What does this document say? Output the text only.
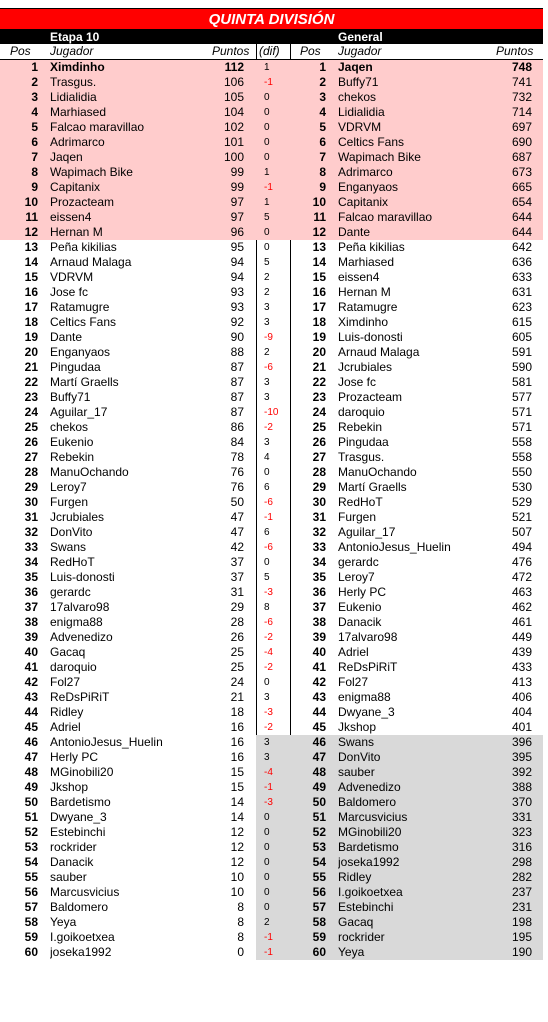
QUINTA DIVISIÓN
Etapa 10	General
Pos Jugador	Puntos (dif) Pos Jugador	Puntos
1 Ximdinho	112	1	1 Jaqen	748
2 Trasgus.	106	-1	2 Buffy71	741
3 Lidialidia	105	0	3 chekos	732
4 Marhiased	104	0	4 Lidialidia	714
5 Falcao maravillao	102	0	5 VDRVM	697
6 Adrimarco	101	0	6 Celtics Fans	690
7 Jaqen	100	0	7 Wapimach Bike	687
8 Wapimach Bike	99	1	8 Adrimarco	673
9 Capitanix	99	-1	9 Enganyaos	665
10 Prozacteam	97	1	10 Capitanix	654
11 eissen4	97	5	11 Falcao maravillao	644
12 Hernan M	96	0	12 Dante	644
13 Peña kikilias	95	0	13 Peña kikilias	642
14 Arnaud Malaga	94	5	14 Marhiased	636
15 VDRVM	94	2	15 eissen4	633
16 Jose fc	93	2	16 Hernan M	631
17 Ratamugre	93	3	17 Ratamugre	623
18 Celtics Fans	92	3	18 Ximdinho	615
19 Dante	90	-9	19 Luis-donosti	605
20 Enganyaos	88	2	20 Arnaud Malaga	591
21 Pingudaa	87	-6	21 Jcrubiales	590
22 Martí Graells	87	3	22 Jose fc	581
23 Buffy71	87	3	23 Prozacteam	577
24 Aguilar_17	87	-10	24 daroquio	571
25 chekos	86	-2	25 Rebekin	571
26 Eukenio	84	3	26 Pingudaa	558
27 Rebekin	78	4	27 Trasgus.	558
28 ManuOchando	76	0	28 ManuOchando	550
29 Leroy7	76	6	29 Martí Graells	530
30 Furgen	50	-6	30 RedHoT	529
31 Jcrubiales	47	-1	31 Furgen	521
32 DonVito	47	6	32 Aguilar_17	507
33 Swans	42	-6	33 AntonioJesus_Huelin	494
34 RedHoT	37	0	34 gerardc	476
35 Luis-donosti	37	5	35 Leroy7	472
36 gerardc	31	-3	36 Herly PC	463
37 17alvaro98	29	8	37 Eukenio	462
38 enigma88	28	-6	38 Danacik	461
39 Advenedizo	26	-2	39 17alvaro98	449
40 Gacaq	25	-4	40 Adriel	439
41 daroquio	25	-2	41 ReDsPiRiT	433
42 Fol27	24	0	42 Fol27	413
43 ReDsPiRiT	21	3	43 enigma88	406
44 Ridley	18	-3	44 Dwyane_3	404
45 Adriel	16	-2	45 Jkshop	401
46 AntonioJesus_Huelin	16	3	46 Swans	396
47 Herly PC	16	3	47 DonVito	395
48 MGinobili20	15	-4	48 sauber	392
49 Jkshop	15	-1	49 Advenedizo	388
50 Bardetismo	14	-3	50 Baldomero	370
51 Dwyane_3	14	0	51 Marcusvicius	331
52 Estebinchi	12	0	52 MGinobili20	323
53 rockrider	12	0	53 Bardetismo	316
54 Danacik	12	0	54 joseka1992	298
55 sauber	10	0	55 Ridley	282
56 Marcusvicius	10	0	56 I.goikoetxea	237
57 Baldomero	8	0	57 Estebinchi	231
58 Yeya	8	2	58 Gacaq	198
59 I.goikoetxea	8	-1	59 rockrider	195
60 joseka1992	0	-1	60 Yeya	190
